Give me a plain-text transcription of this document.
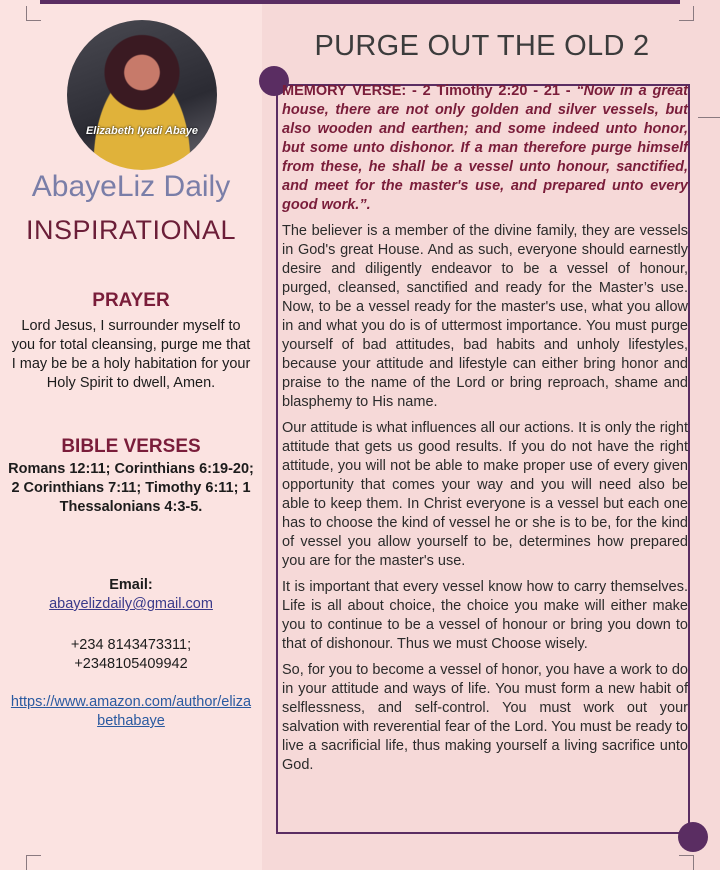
Elizabeth Iyadi Abaye
AbayeLiz Daily
INSPIRATIONAL
PRAYER
Lord Jesus, I surrounder myself to you for total cleansing, purge me that I may be be a holy habitation for your Holy Spirit to dwell, Amen.
BIBLE VERSES
Romans 12:11; Corinthians 6:19-20; 2 Corinthians 7:11; Timothy 6:11; 1 Thessalonians 4:3-5.
Email:
abayelizdaily@gmail.com
+234 8143473311;
+2348105409942
https://www.amazon.com/author/elizabethabaye
PURGE OUT THE OLD 2

MEMORY VERSE: - 2 Timothy 2:20 - 21 - “Now in a great house, there are not only golden and silver vessels, but also wooden and earthen; and some indeed unto honor, but some unto dishonor. If a man therefore purge himself from these, he shall be a vessel unto honour, sanctified, and meet for the master's use, and prepared unto every good work.”.

The believer is a member of the divine family, they are vessels in God's great House. And as such, everyone should earnestly desire and diligently endeavor to be a vessel of honour, purged, cleansed, sanctified and ready for the Master’s use. Now, to be a vessel ready for the master's use, what you allow in and what you do is of uttermost importance. You must purge yourself of bad attitudes, bad habits and unholy lifestyles, because your attitude and lifestyle can either bring honor and praise to the name of the Lord or bring reproach, shame and blasphemy to His name.

Our attitude is what influences all our actions. It is only the right attitude that gets us good results. If you do not have the right attitude, you will not be able to make proper use of every given opportunity that comes your way and you will need also be able to keep them. In Christ everyone is a vessel but each one has to choose the kind of vessel he or she is to be, for the kind of vessel you allow yourself to be, determines how prepared you are for the master's use.

It is important that every vessel know how to carry themselves. Life is all about choice, the choice you make will either make you to continue to be a vessel of honour or bring you down to that of dishonour. Thus we must Choose wisely.

So, for you to become a vessel of honor, you have a work to do in your attitude and ways of life. You must form a new habit of selflessness, and self-control. You must work out your salvation with reverential fear of the Lord. You must be ready to live a sacrificial life, thus making yourself a living sacrifice unto God.
